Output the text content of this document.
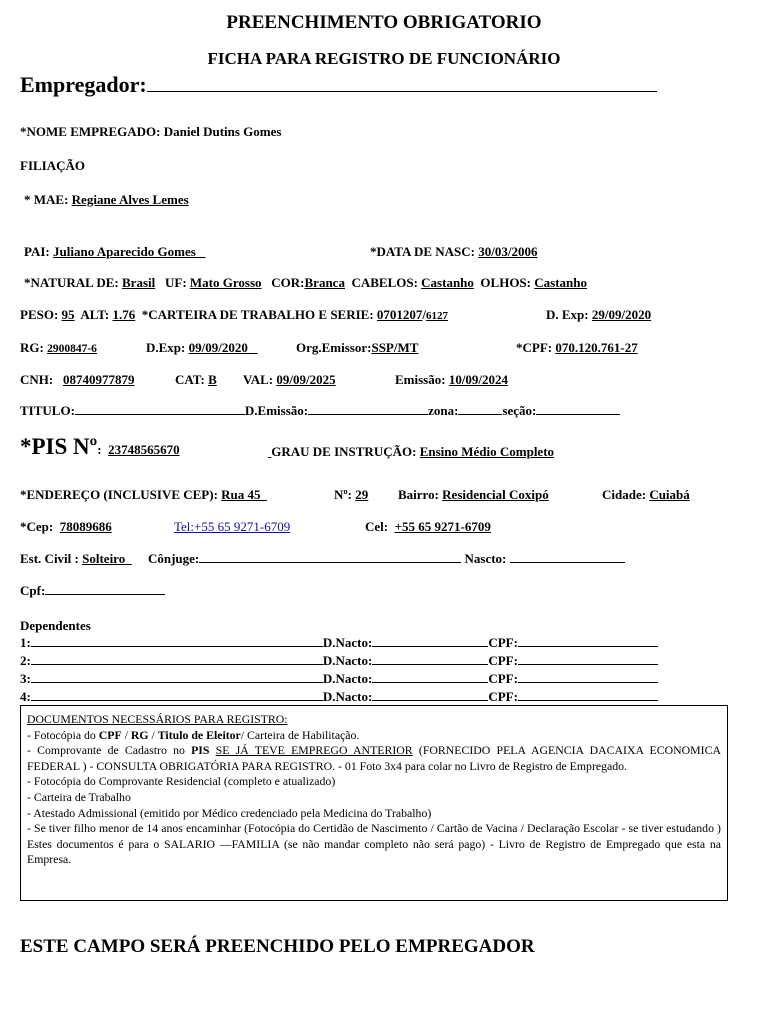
PREENCHIMENTO OBRIGATORIO
FICHA PARA REGISTRO DE FUNCIONÁRIO
Empregador:
*NOME EMPREGADO: Daniel Dutins Gomes
FILIAÇÃO
* MAE: Regiane Alves Lemes
PAI: Juliano Aparecido Gomes	*DATA DE NASC: 30/03/2006
*NATURAL DE: Brasil UF: Mato Grosso COR:Branca CABELOS: Castanho OLHOS: Castanho
PESO: 95 ALT: 1.76 *CARTEIRA DE TRABALHO E SERIE: 0701207/6127	D. Exp: 29/09/2020
RG: 2900847-6	D.Exp: 09/09/2020	Org.Emissor:SSP/MT	*CPF: 070.120.761-27
CNH: 08740977879	CAT: B VAL: 09/09/2025	Emissão: 10/09/2024
TITULO:	D.Emissão:	zona:	seção:
*PIS Nº: 23748565670	GRAU DE INSTRUÇÃO: Ensino Médio Completo
*ENDEREÇO (INCLUSIVE CEP): Rua 45	Nº: 29 Bairro: Residencial Coxipó	Cidade: Cuiabá
*Cep: 78089686	Tel:+55 65 9271-6709	Cel: +55 65 9271-6709
Est. Civil : Solteiro Cônjuge:	Nascto:
Cpf:
Dependentes
1:	D.Nacto:	CPF:
2:	D.Nacto:	CPF:
3:	D.Nacto:	CPF:
4:	D.Nacto:	CPF:

DOCUMENTOS NECESSÁRIOS PARA REGISTRO:

- Fotocópia do CPF / RG / Titulo de Eleitor/ Carteira de Habilitação.

- Comprovante de Cadastro no PIS SE JÁ TEVE EMPREGO ANTERIOR (FORNECIDO PELA AGENCIA DACAIXA ECONOMICA FEDERAL ) - CONSULTA OBRIGATÓRIA PARA REGISTRO. - 01 Foto 3x4 para colar no Livro de Registro de Empregado.

- Fotocópia do Comprovante Residencial (completo e atualizado)

- Carteira de Trabalho

- Atestado Admissional (emitido por Médico credenciado pela Medicina do Trabalho)

- Se tiver filho menor de 14 anos encaminhar (Fotocópia do Certidão de Nascimento / Cartão de Vacina / Declaração Escolar - se tiver estudando ) Estes documentos é para o SALARIO —FAMILIA (se não mandar completo não será pago) - Livro de Registro de Empregado que esta na Empresa.

ESTE CAMPO SERÁ PREENCHIDO PELO EMPREGADOR
